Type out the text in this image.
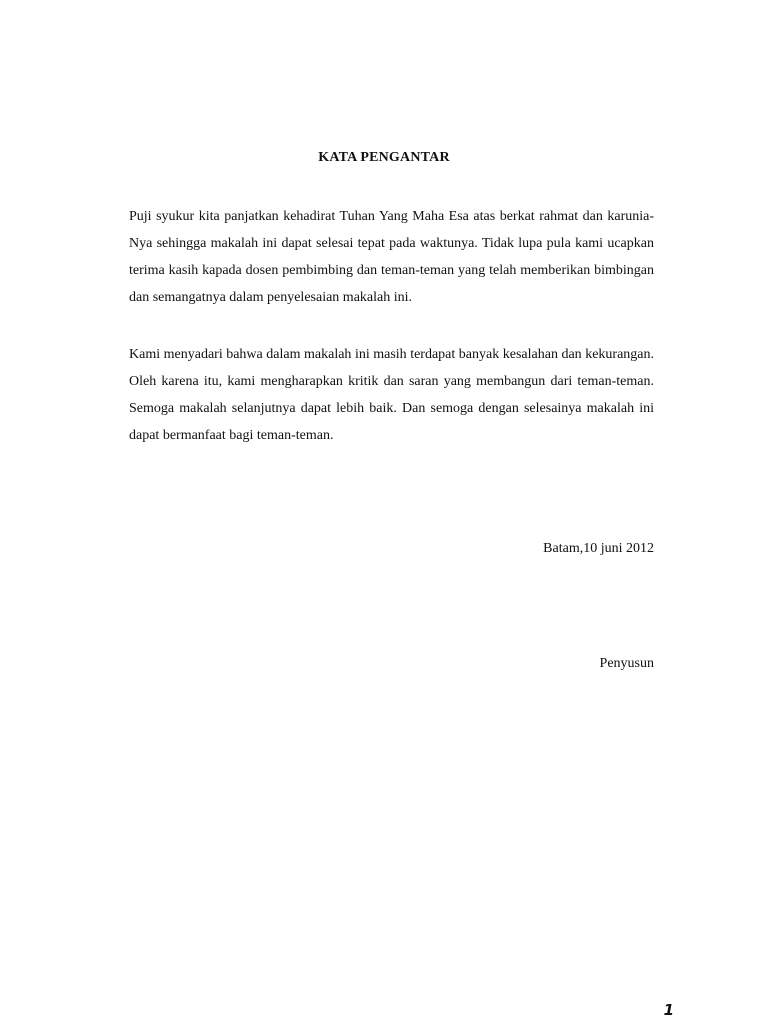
KATA PENGANTAR

Puji syukur kita panjatkan kehadirat Tuhan Yang Maha Esa atas berkat rahmat dan karunia-Nya sehingga makalah ini dapat selesai tepat pada waktunya. Tidak lupa pula kami ucapkan terima kasih kapada dosen pembimbing dan teman-teman yang telah memberikan bimbingan dan semangatnya dalam penyelesaian makalah ini.

Kami menyadari bahwa dalam makalah ini masih terdapat banyak kesalahan dan kekurangan. Oleh karena itu, kami mengharapkan kritik dan saran yang membangun dari teman-teman. Semoga makalah selanjutnya dapat lebih baik. Dan semoga dengan selesainya makalah ini dapat bermanfaat bagi teman-teman.

Batam,10 juni 2012
Penyusun
1
